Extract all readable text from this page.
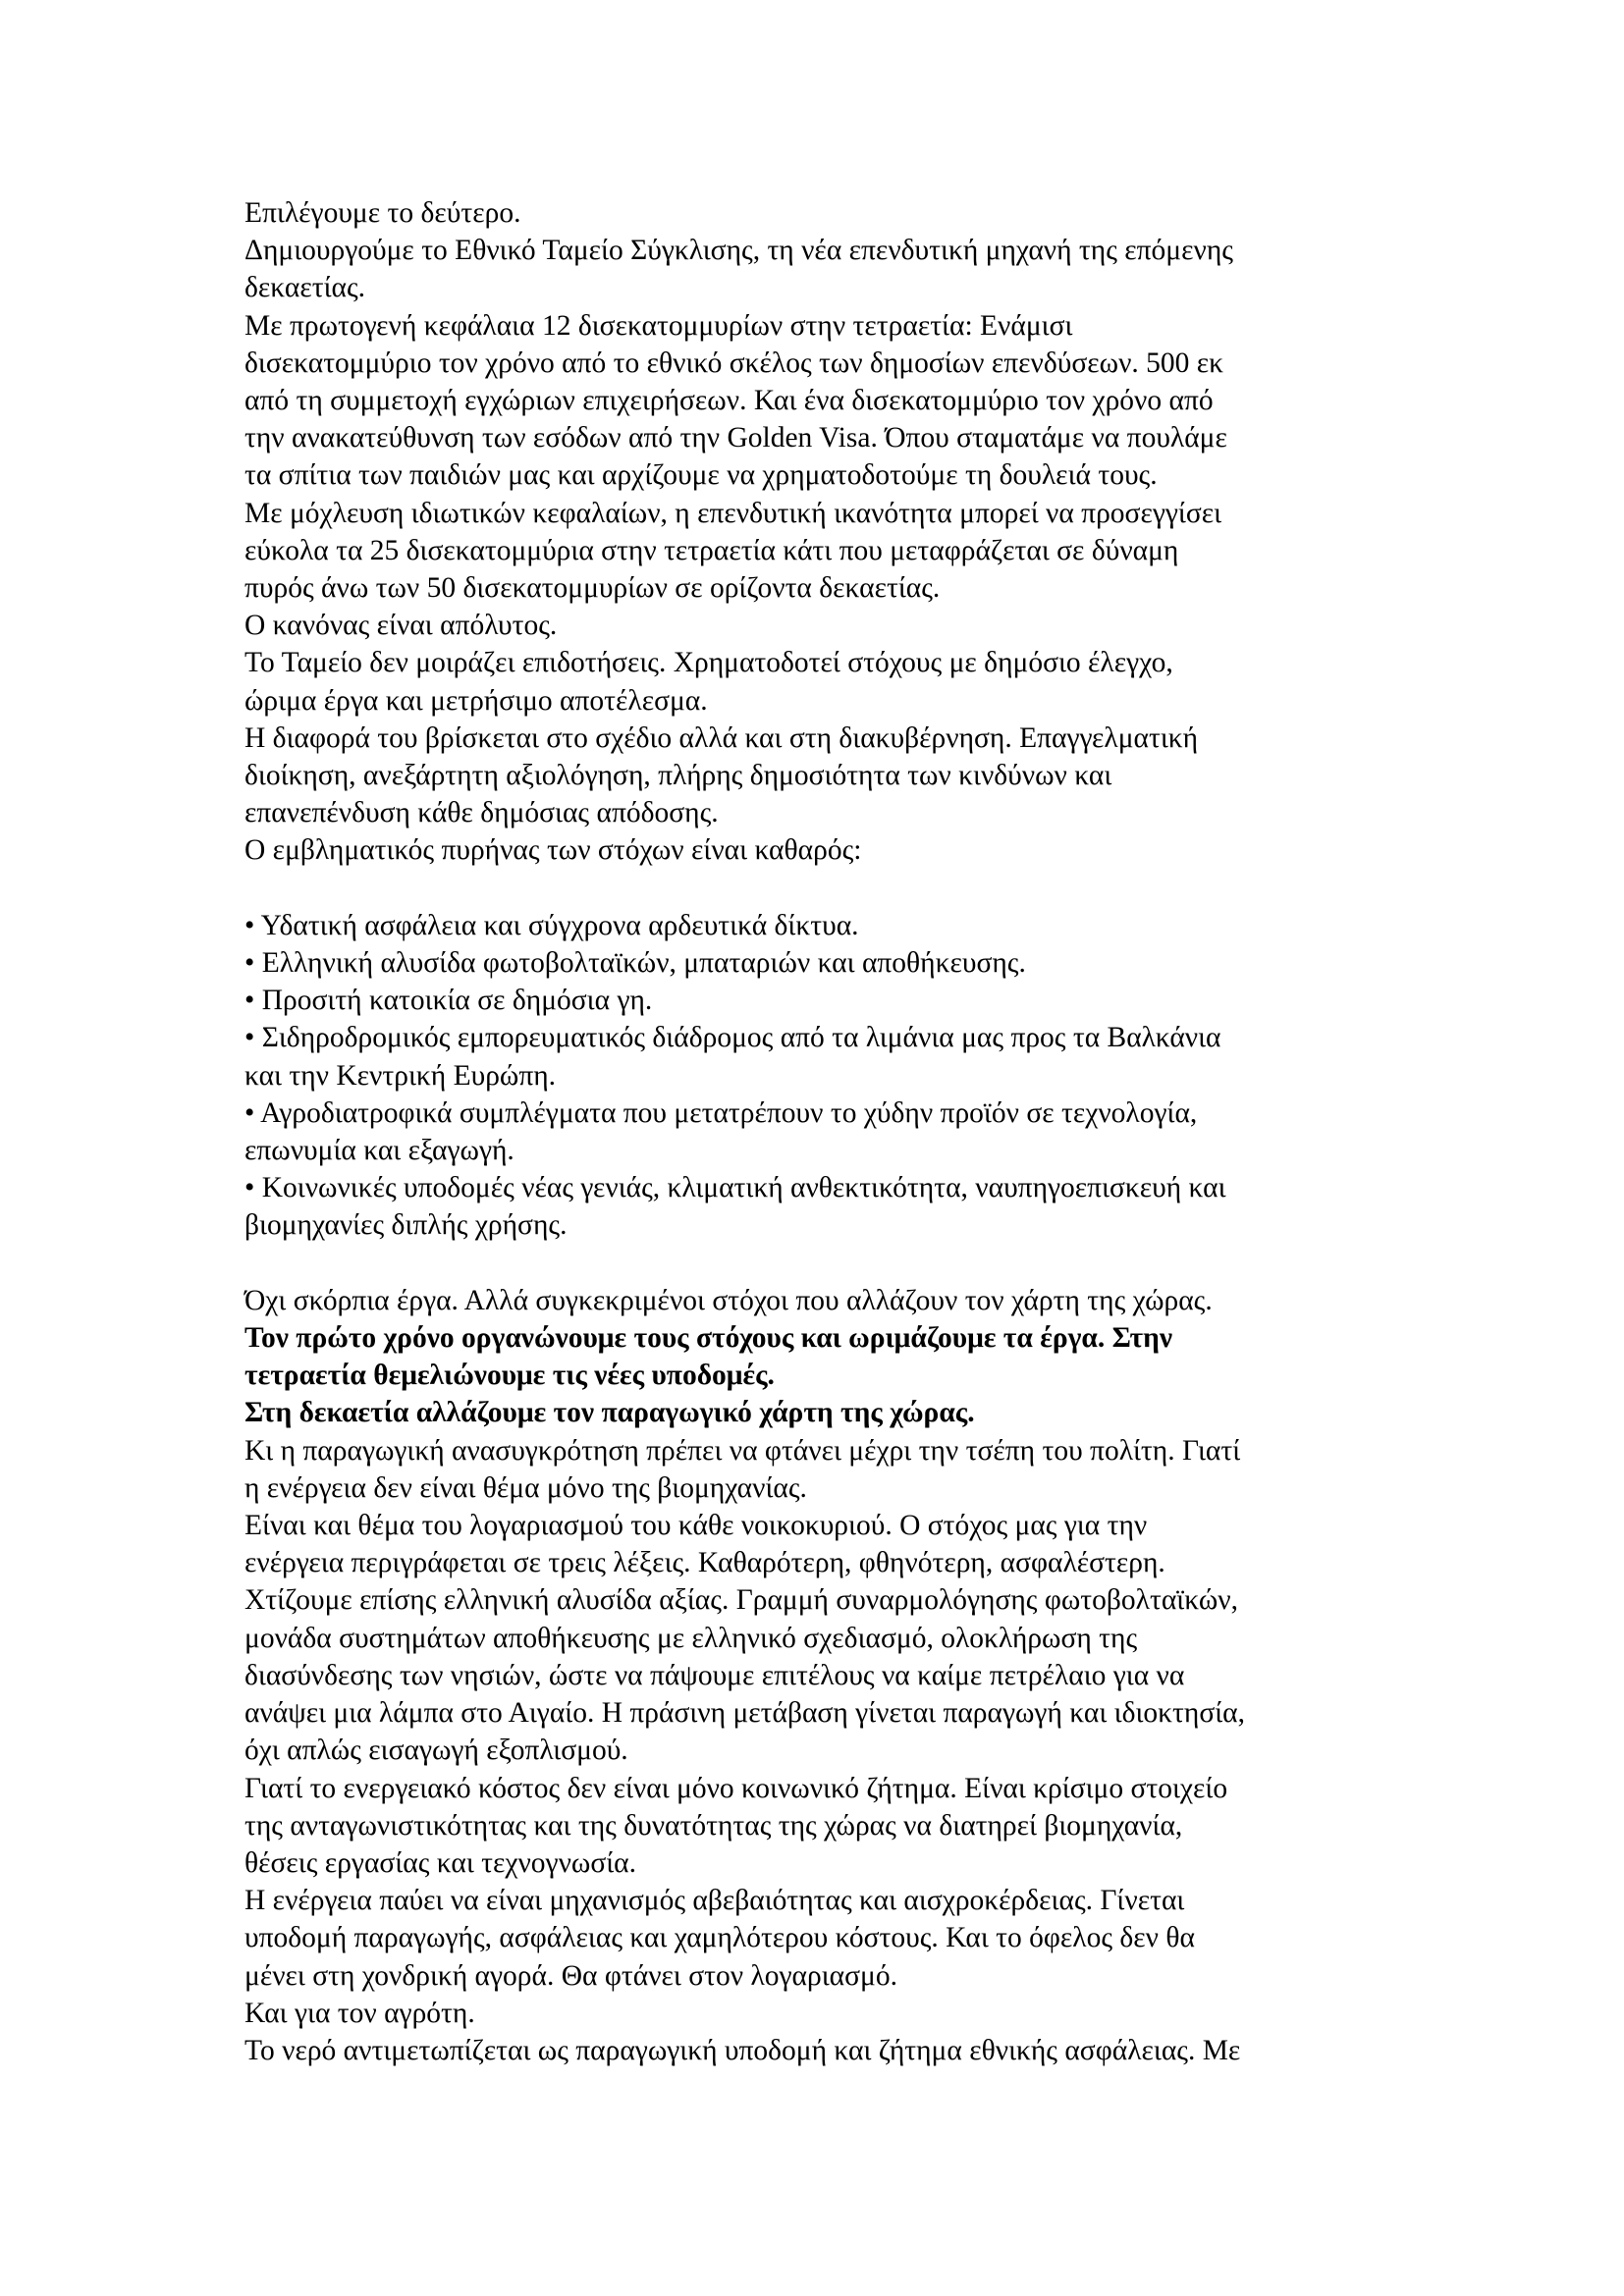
Επιλέγουμε το δεύτερο.

Δημιουργούμε το Εθνικό Ταμείο Σύγκλισης, τη νέα επενδυτική μηχανή της επόμενης
δεκαετίας.

Με πρωτογενή κεφάλαια 12 δισεκατομμυρίων στην τετραετία: Ενάμισι
δισεκατομμύριο τον χρόνο από το εθνικό σκέλος των δημοσίων επενδύσεων. 500 εκ
από τη συμμετοχή εγχώριων επιχειρήσεων. Και ένα δισεκατομμύριο τον χρόνο από
την ανακατεύθυνση των εσόδων από την Golden Visa. Όπου σταματάμε να πουλάμε
τα σπίτια των παιδιών μας και αρχίζουμε να χρηματοδοτούμε τη δουλειά τους.

Με μόχλευση ιδιωτικών κεφαλαίων, η επενδυτική ικανότητα μπορεί να προσεγγίσει
εύκολα τα 25 δισεκατομμύρια στην τετραετία κάτι που μεταφράζεται σε δύναμη
πυρός άνω των 50 δισεκατομμυρίων σε ορίζοντα δεκαετίας.

Ο κανόνας είναι απόλυτος.

Το Ταμείο δεν μοιράζει επιδοτήσεις. Χρηματοδοτεί στόχους με δημόσιο έλεγχο,
ώριμα έργα και μετρήσιμο αποτέλεσμα.

Η διαφορά του βρίσκεται στο σχέδιο αλλά και στη διακυβέρνηση. Επαγγελματική
διοίκηση, ανεξάρτητη αξιολόγηση, πλήρης δημοσιότητα των κινδύνων και
επανεπένδυση κάθε δημόσιας απόδοσης.

Ο εμβληματικός πυρήνας των στόχων είναι καθαρός:

• Υδατική ασφάλεια και σύγχρονα αρδευτικά δίκτυα.

• Ελληνική αλυσίδα φωτοβολταϊκών, μπαταριών και αποθήκευσης.

• Προσιτή κατοικία σε δημόσια γη.

• Σιδηροδρομικός εμπορευματικός διάδρομος από τα λιμάνια μας προς τα Βαλκάνια
και την Κεντρική Ευρώπη.

• Αγροδιατροφικά συμπλέγματα που μετατρέπουν το χύδην προϊόν σε τεχνολογία,
επωνυμία και εξαγωγή.

• Κοινωνικές υποδομές νέας γενιάς, κλιματική ανθεκτικότητα, ναυπηγοεπισκευή και
βιομηχανίες διπλής χρήσης.

Όχι σκόρπια έργα. Αλλά συγκεκριμένοι στόχοι που αλλάζουν τον χάρτη της χώρας.

Τον πρώτο χρόνο οργανώνουμε τους στόχους και ωριμάζουμε τα έργα. Στην
τετραετία θεμελιώνουμε τις νέες υποδομές.

Στη δεκαετία αλλάζουμε τον παραγωγικό χάρτη της χώρας.

Κι η παραγωγική ανασυγκρότηση πρέπει να φτάνει μέχρι την τσέπη του πολίτη. Γιατί
η ενέργεια δεν είναι θέμα μόνο της βιομηχανίας.

Είναι και θέμα του λογαριασμού του κάθε νοικοκυριού. Ο στόχος μας για την
ενέργεια περιγράφεται σε τρεις λέξεις. Καθαρότερη, φθηνότερη, ασφαλέστερη.

Χτίζουμε επίσης ελληνική αλυσίδα αξίας. Γραμμή συναρμολόγησης φωτοβολταϊκών,
μονάδα συστημάτων αποθήκευσης με ελληνικό σχεδιασμό, ολοκλήρωση της
διασύνδεσης των νησιών, ώστε να πάψουμε επιτέλους να καίμε πετρέλαιο για να
ανάψει μια λάμπα στο Αιγαίο. Η πράσινη μετάβαση γίνεται παραγωγή και ιδιοκτησία,
όχι απλώς εισαγωγή εξοπλισμού.

Γιατί το ενεργειακό κόστος δεν είναι μόνο κοινωνικό ζήτημα. Είναι κρίσιμο στοιχείο
της ανταγωνιστικότητας και της δυνατότητας της χώρας να διατηρεί βιομηχανία,
θέσεις εργασίας και τεχνογνωσία.

Η ενέργεια παύει να είναι μηχανισμός αβεβαιότητας και αισχροκέρδειας. Γίνεται
υποδομή παραγωγής, ασφάλειας και χαμηλότερου κόστους. Και το όφελος δεν θα
μένει στη χονδρική αγορά. Θα φτάνει στον λογαριασμό.

Και για τον αγρότη.

Το νερό αντιμετωπίζεται ως παραγωγική υποδομή και ζήτημα εθνικής ασφάλειας. Με
